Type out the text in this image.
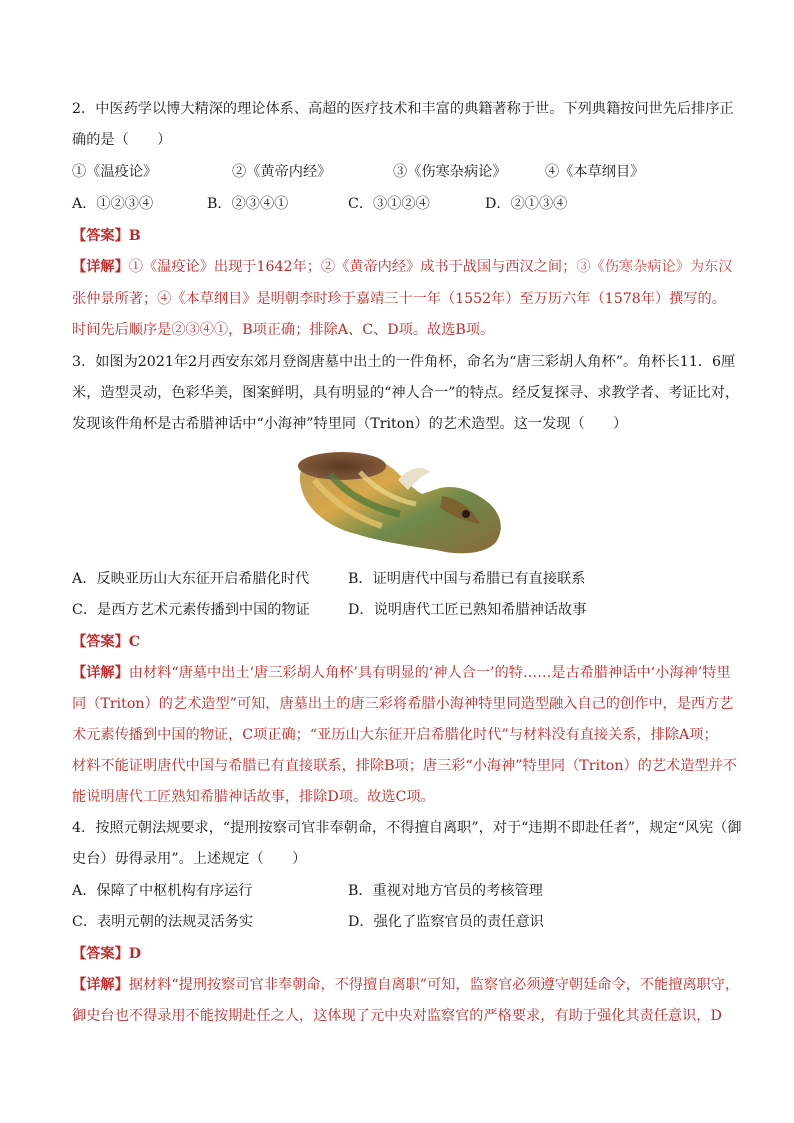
2．中医药学以博大精深的理论体系、高超的医疗技术和丰富的典籍著称于世。下列典籍按问世先后排序正
确的是（　　）
①《温疫论》	②《黄帝内经》	③《伤寒杂病论》	④《本草纲目》
A．①②③④	B．②③④①	C．③①②④	D．②①③④
【答案】B
【详解】①《温疫论》出现于1642年；②《黄帝内经》成书于战国与西汉之间；③《伤寒杂病论》为东汉
张仲景所著；④《本草纲目》是明朝李时珍于嘉靖三十一年（1552年）至万历六年（1578年）撰写的。
时间先后顺序是②③④①，B项正确；排除A、C、D项。故选B项。
3．如图为2021年2月西安东郊月登阁唐墓中出土的一件角杯，命名为“唐三彩胡人角杯”。角杯长11．6厘
米，造型灵动，色彩华美，图案鲜明，具有明显的“神人合一”的特点。经反复探寻、求教学者、考证比对，
发现该件角杯是古希腊神话中“小海神”特里同（Triton）的艺术造型。这一发现（　　）
A．反映亚历山大东征开启希腊化时代	B．证明唐代中国与希腊已有直接联系
C．是西方艺术元素传播到中国的物证	D．说明唐代工匠已熟知希腊神话故事
【答案】C
【详解】由材料“唐墓中出土‘唐三彩胡人角杯’具有明显的‘神人合一’的特……是古希腊神话中‘小海神’特里
同（Triton）的艺术造型”可知，唐墓出土的唐三彩将希腊小海神特里同造型融入自己的创作中，是西方艺
术元素传播到中国的物证，C项正确；“亚历山大东征开启希腊化时代”与材料没有直接关系，排除A项；
材料不能证明唐代中国与希腊已有直接联系，排除B项；唐三彩“小海神”特里同（Triton）的艺术造型并不
能说明唐代工匠熟知希腊神话故事，排除D项。故选C项。
4．按照元朝法规要求，“提刑按察司官非奉朝命，不得擅自离职”，对于“违期不即赴任者”，规定“风宪（御
史台）毋得录用”。上述规定（　　）
A．保障了中枢机构有序运行	B．重视对地方官员的考核管理
C．表明元朝的法规灵活务实	D．强化了监察官员的责任意识
【答案】D
【详解】据材料“提刑按察司官非奉朝命，不得擅自离职”可知，监察官必须遵守朝廷命令，不能擅离职守，
御史台也不得录用不能按期赴任之人，这体现了元中央对监察官的严格要求，有助于强化其责任意识，D
